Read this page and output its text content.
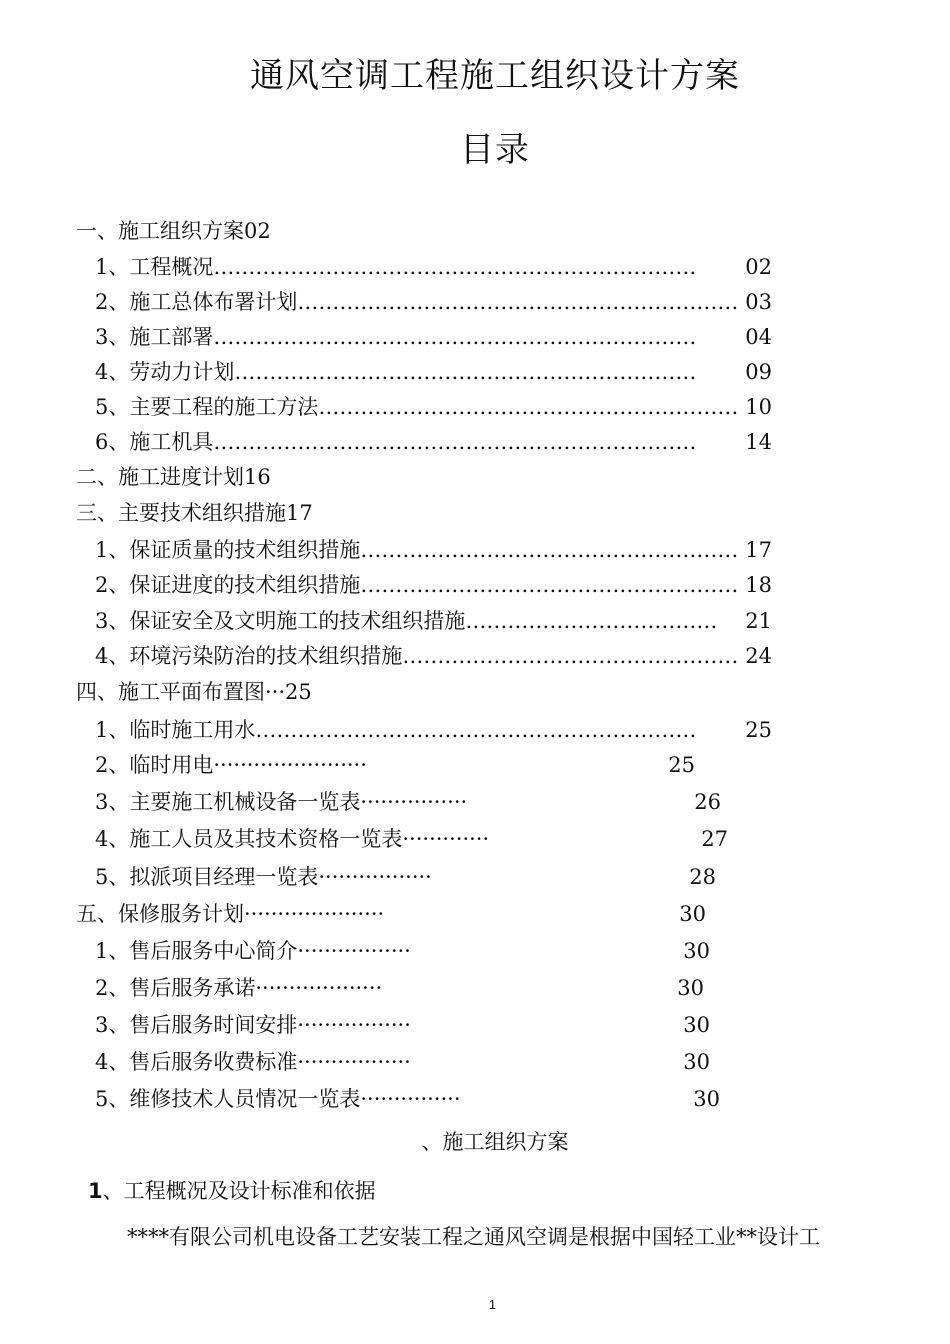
通风空调工程施工组织设计方案
目录
一、施工组织方案02
1、工程概况 ……………………………………………………………	02
2、施工总体布署计划 ……………………………………………………… 03
3、施工部署 ……………………………………………………………	04
4、劳动力计划 …………………………………………………………	09
5、主要工程的施工方法 …………………………………………………… 10
6、施工机具 ……………………………………………………………	14
二、施工进度计划16
三、主要技术组织措施17
1、保证质量的技术组织措施 ……………………………………………… 17
2、保证进度的技术组织措施 ……………………………………………… 18
3、保证安全及文明施工的技术组织措施 ………………………………	21
4、环境污染防治的技术组织措施 ………………………………………… 24
四、施工平面布置图···25
1、临时施工用水 ………………………………………………………	25
2、临时用电 ·······················	25
3、主要施工机械设备一览表 ················	26
4、施工人员及其技术资格一览表 ·············	27
5、拟派项目经理一览表 ·················	28
五、保修服务计划 ·····················	30
1、售后服务中心简介 ·················	30
2、售后服务承诺 ···················	30
3、售后服务时间安排 ·················	30
4、售后服务收费标准 ·················	30
5、维修技术人员情况一览表 ···············	30
、施工组织方案
1、工程概况及设计标准和依据
****有限公司机电设备工艺安装工程之通风空调是根据中国轻工业**设计工
1
